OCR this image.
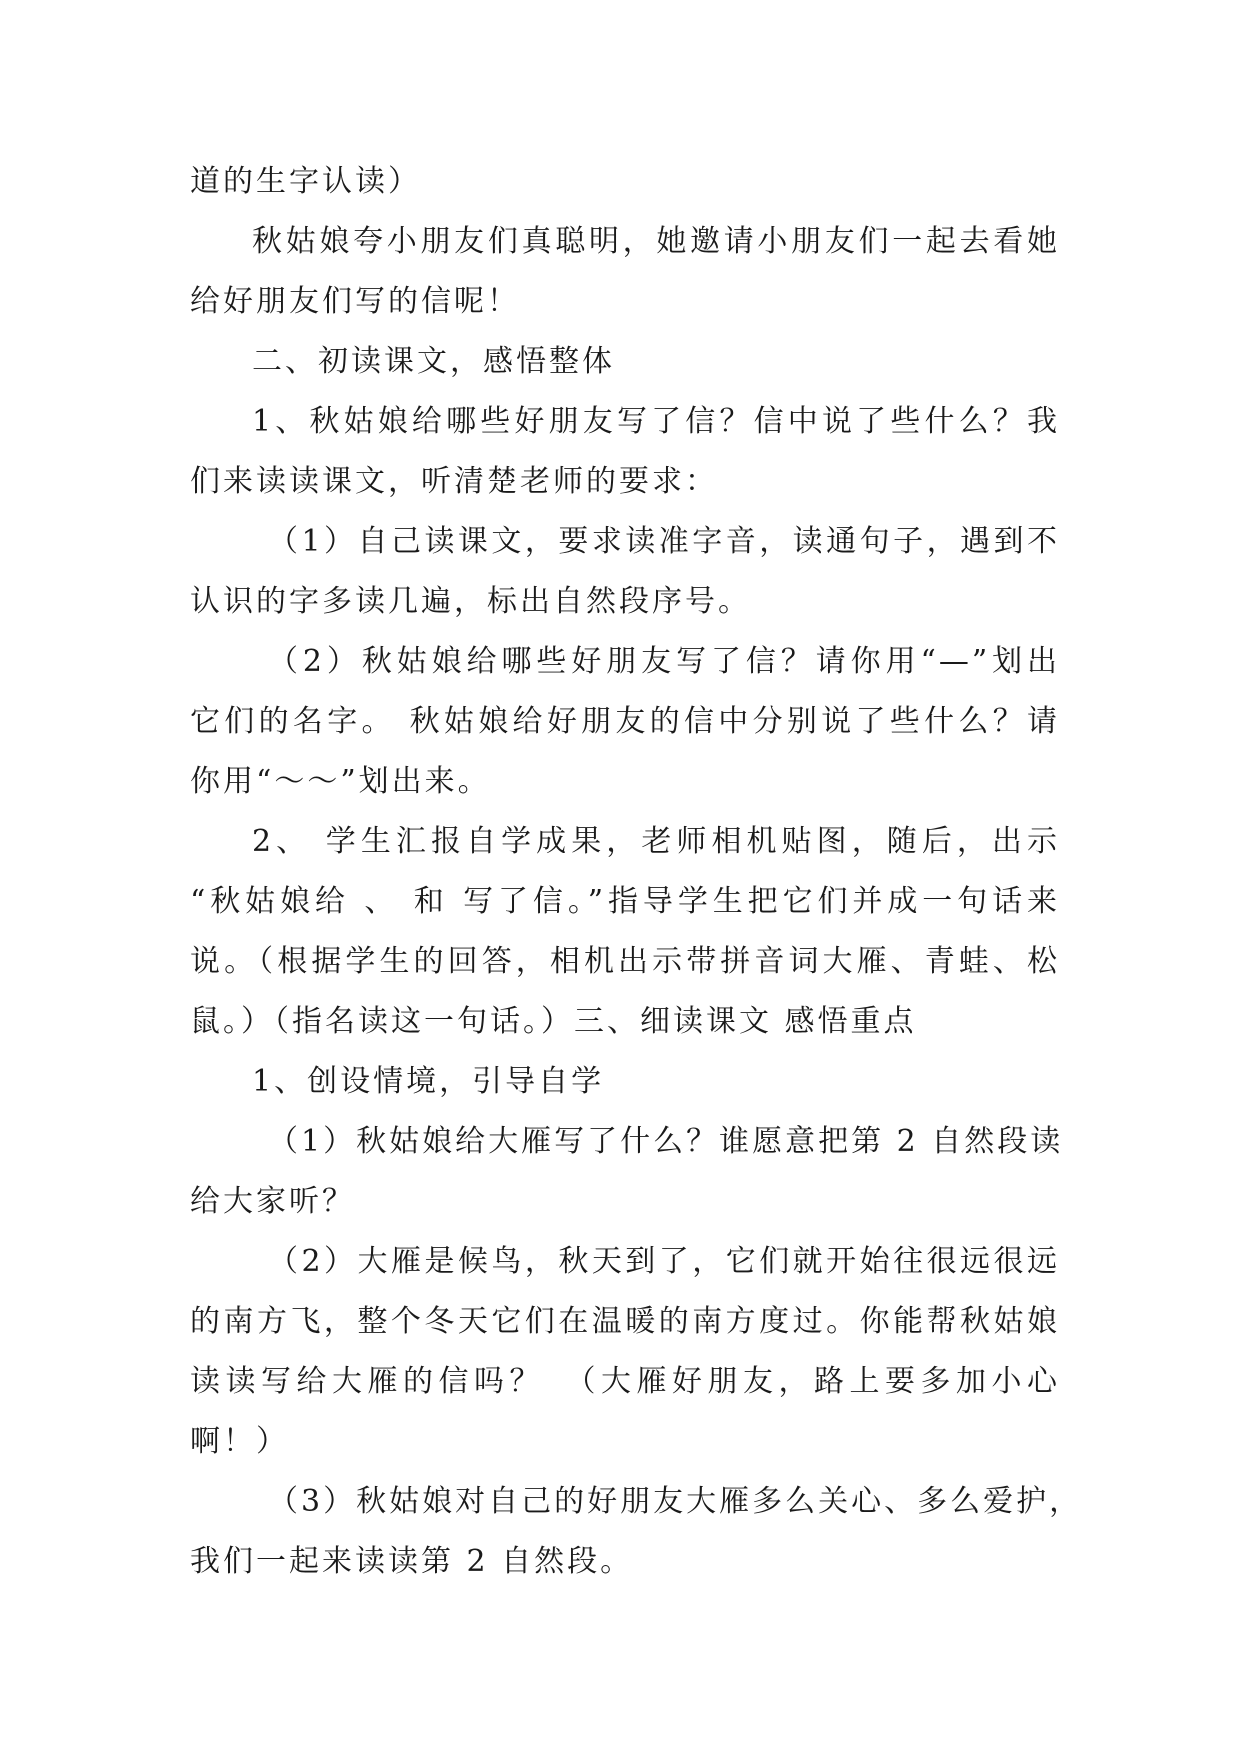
道的生字认读）
秋姑娘夸小朋友们真聪明，她邀请小朋友们一起去看她
给好朋友们写的信呢！
二、初读课文，感悟整体
1、秋姑娘给哪些好朋友写了信？信中说了些什么？我
们来读读课文，听清楚老师的要求：
（1）自己读课文，要求读准字音，读通句子，遇到不
认识的字多读几遍，标出自然段序号。
（2）秋姑娘给哪些好朋友写了信？请你用“—”划出
它们的名字。 秋姑娘给好朋友的信中分别说了些什么？请
你用“～～”划出来。
2、 学生汇报自学成果，老师相机贴图，随后，出示
“秋姑娘给 、 和 写了信。”指导学生把它们并成一句话来
说。（根据学生的回答，相机出示带拼音词大雁、青蛙、松
鼠。）（指名读这一句话。）三、细读课文 感悟重点
1、创设情境，引导自学
（1）秋姑娘给大雁写了什么？谁愿意把第 2 自然段读
给大家听？
（2）大雁是候鸟，秋天到了，它们就开始往很远很远
的南方飞，整个冬天它们在温暖的南方度过。你能帮秋姑娘
读读写给大雁的信吗？　（大雁好朋友，路上要多加小心
啊！）
（3）秋姑娘对自己的好朋友大雁多么关心、多么爱护，
我们一起来读读第 2 自然段。
